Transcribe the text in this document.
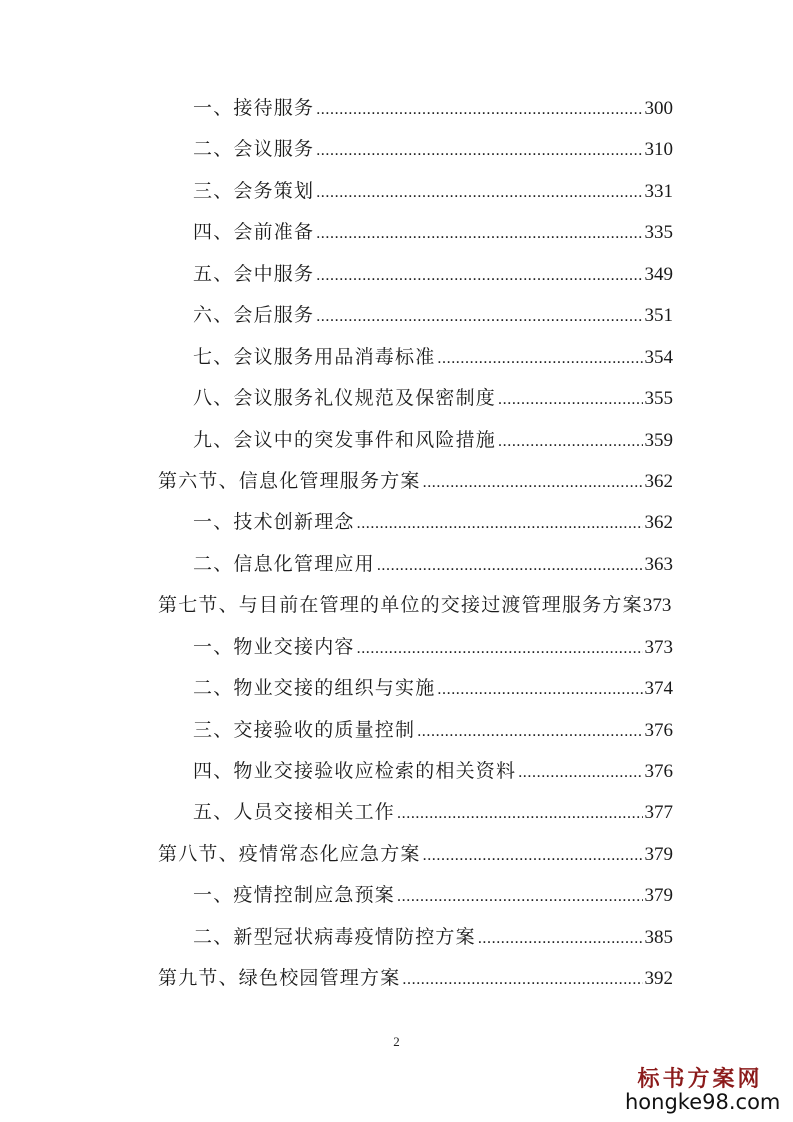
一、接待服务 .....	300
二、会议服务 .....	310
三、会务策划 .....	331
四、会前准备 .....	335
五、会中服务 .....	349
六、会后服务 .....	351
七、会议服务用品消毒标准 .....	354
八、会议服务礼仪规范及保密制度 .....	355
九、会议中的突发事件和风险措施 .....	359
第六节、信息化管理服务方案 .....	362
一、技术创新理念 .....	362
二、信息化管理应用 .....	363
第七节、与目前在管理的单位的交接过渡管理服务方案 373
一、物业交接内容 .....	373
二、物业交接的组织与实施 .....	374
三、交接验收的质量控制 .....	376
四、物业交接验收应检索的相关资料 .....	376
五、人员交接相关工作 .....	377
第八节、疫情常态化应急方案 .....	379
一、疫情控制应急预案 .....	379
二、新型冠状病毒疫情防控方案 .....	385
第九节、绿色校园管理方案 .....	392
2
标书方案网
hongke98.com
